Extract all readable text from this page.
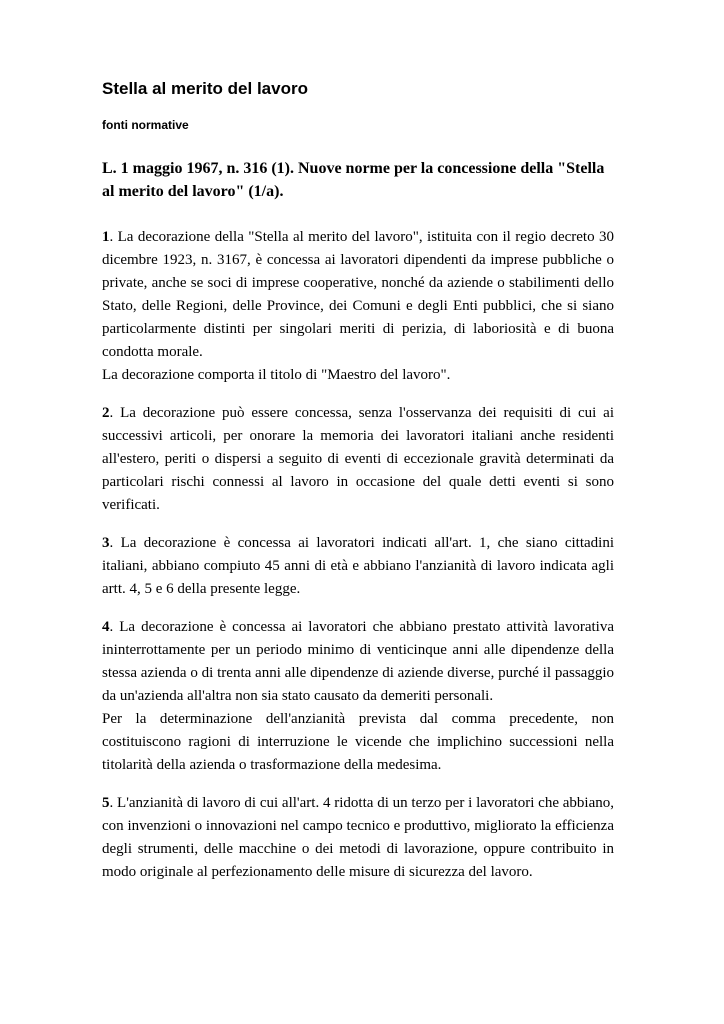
Stella al merito del lavoro
fonti normative
L. 1 maggio 1967, n. 316 (1). Nuove norme per la concessione della "Stella al merito del lavoro" (1/a).

1. La decorazione della "Stella al merito del lavoro", istituita con il regio decreto 30 dicembre 1923, n. 3167, è concessa ai lavoratori dipendenti da imprese pubbliche o private, anche se soci di imprese cooperative, nonché da aziende o stabilimenti dello Stato, delle Regioni, delle Province, dei Comuni e degli Enti pubblici, che si siano particolarmente distinti per singolari meriti di perizia, di laboriosità e di buona condotta morale.

La decorazione comporta il titolo di "Maestro del lavoro".

2. La decorazione può essere concessa, senza l'osservanza dei requisiti di cui ai successivi articoli, per onorare la memoria dei lavoratori italiani anche residenti all'estero, periti o dispersi a seguito di eventi di eccezionale gravità determinati da particolari rischi connessi al lavoro in occasione del quale detti eventi si sono verificati.

3. La decorazione è concessa ai lavoratori indicati all'art. 1, che siano cittadini italiani, abbiano compiuto 45 anni di età e abbiano l'anzianità di lavoro indicata agli artt. 4, 5 e 6 della presente legge.

4. La decorazione è concessa ai lavoratori che abbiano prestato attività lavorativa ininterrottamente per un periodo minimo di venticinque anni alle dipendenze della stessa azienda o di trenta anni alle dipendenze di aziende diverse, purché il passaggio da un'azienda all'altra non sia stato causato da demeriti personali.

Per la determinazione dell'anzianità prevista dal comma precedente, non costituiscono ragioni di interruzione le vicende che implichino successioni nella titolarità della azienda o trasformazione della medesima.

5. L'anzianità di lavoro di cui all'art. 4 ridotta di un terzo per i lavoratori che abbiano, con invenzioni o innovazioni nel campo tecnico e produttivo, migliorato la efficienza degli strumenti, delle macchine o dei metodi di lavorazione, oppure contribuito in modo originale al perfezionamento delle misure di sicurezza del lavoro.
